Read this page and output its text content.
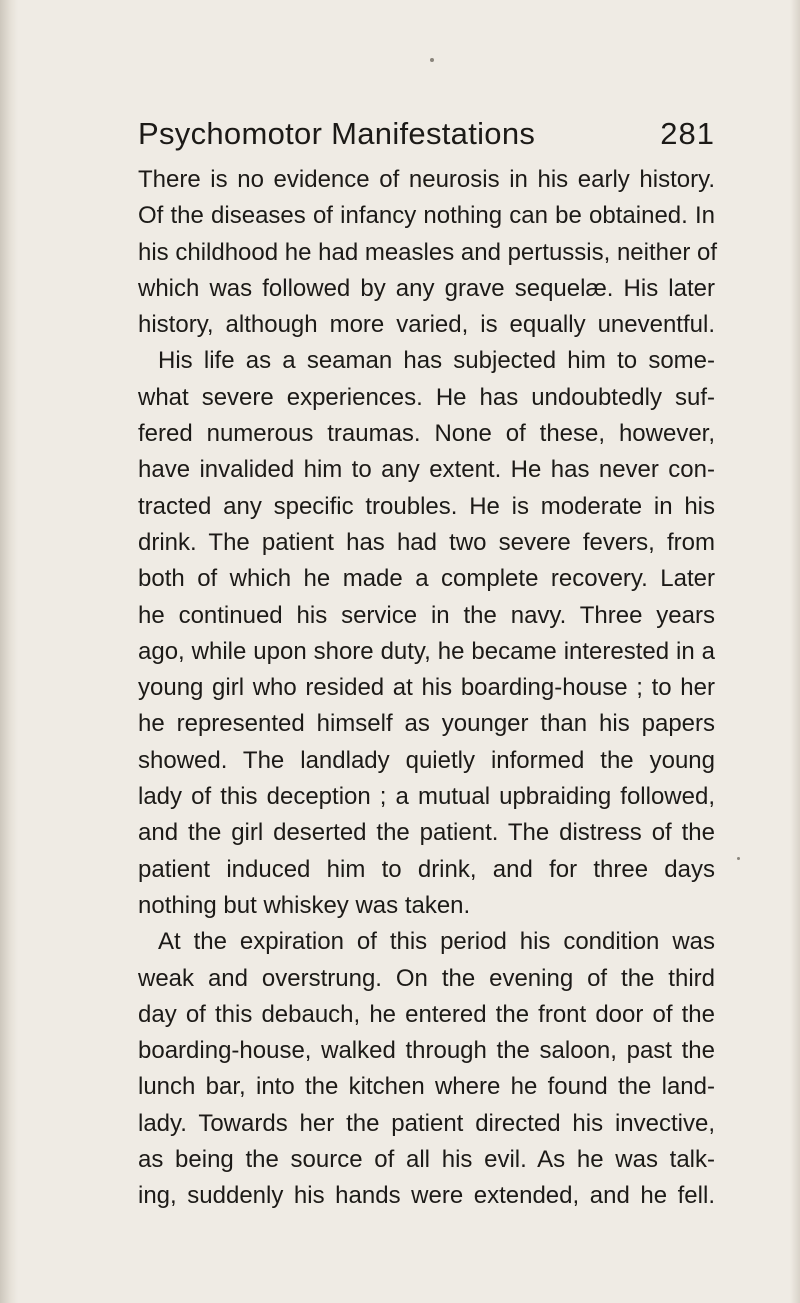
Psychomotor Manifestations	281
There is no evidence of neurosis in his early history.
Of the diseases of infancy nothing can be obtained. In
his childhood he had measles and pertussis, neither of
which was followed by any grave sequelæ. His later
history, although more varied, is equally uneventful.
His life as a seaman has subjected him to some-
what severe experiences. He has undoubtedly suf-
fered numerous traumas. None of these, however,
have invalided him to any extent. He has never con-
tracted any specific troubles. He is moderate in his
drink. The patient has had two severe fevers, from
both of which he made a complete recovery. Later
he continued his service in the navy. Three years
ago, while upon shore duty, he became interested in a
young girl who resided at his boarding-house ; to her
he represented himself as younger than his papers
showed. The landlady quietly informed the young
lady of this deception ; a mutual upbraiding followed,
and the girl deserted the patient. The distress of the
patient induced him to drink, and for three days
nothing but whiskey was taken.
At the expiration of this period his condition was
weak and overstrung. On the evening of the third
day of this debauch, he entered the front door of the
boarding-house, walked through the saloon, past the
lunch bar, into the kitchen where he found the land-
lady. Towards her the patient directed his invective,
as being the source of all his evil. As he was talk-
ing, suddenly his hands were extended, and he fell.
